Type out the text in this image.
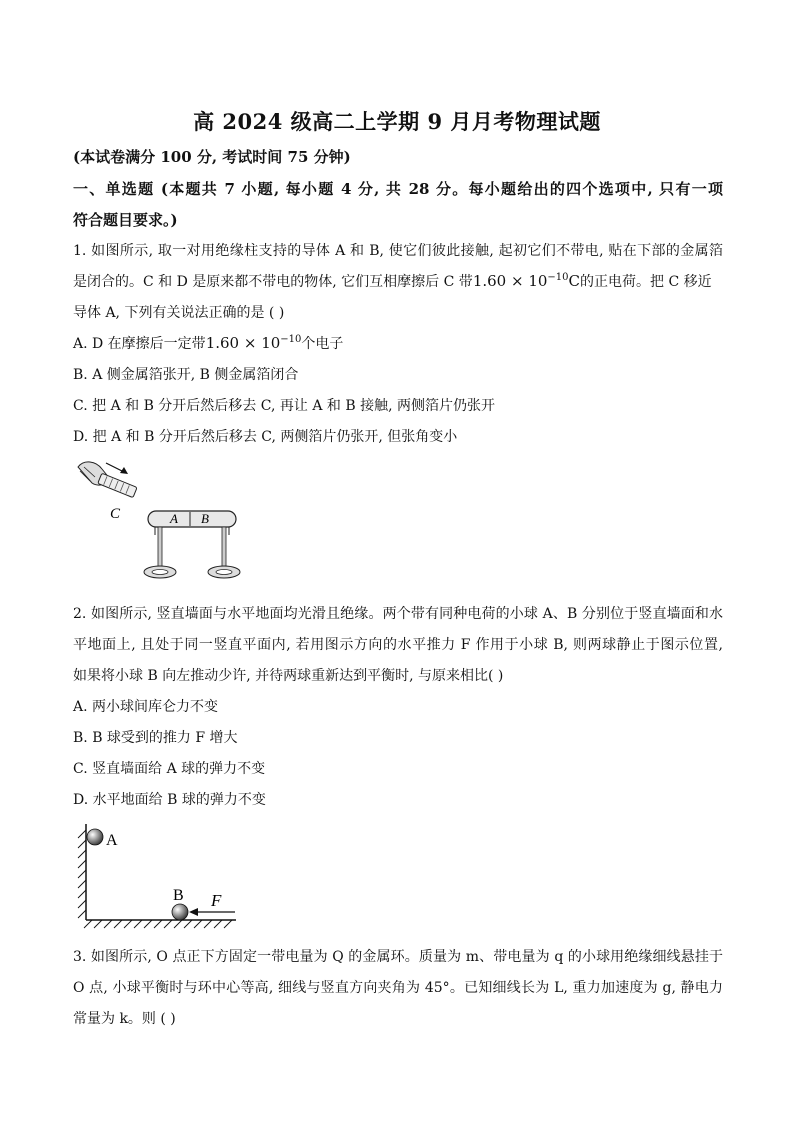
高 2024 级高二上学期 9 月月考物理试题
(本试卷满分 100 分, 考试时间 75 分钟)
一、单选题 (本题共 7 小题, 每小题 4 分, 共 28 分。每小题给出的四个选项中, 只有一项
符合题目要求。)
1. 如图所示, 取一对用绝缘柱支持的导体 A 和 B, 使它们彼此接触, 起初它们不带电, 贴在下部的金属箔
是闭合的。C 和 D 是原来都不带电的物体, 它们互相摩擦后 C 带$1.60 \times 10^{-10}C$的正电荷。把 C 移近
导体 A, 下列有关说法正确的是 ( )
A. D 在摩擦后一定带$1.60 \times 10^{-10}$个电子
B. A 侧金属箔张开, B 侧金属箔闭合
C. 把 A 和 B 分开后然后移去 C, 再让 A 和 B 接触, 两侧箔片仍张开
D. 把 A 和 B 分开后然后移去 C, 两侧箔片仍张开, 但张角变小
C	A B
2. 如图所示, 竖直墙面与水平地面均光滑且绝缘。两个带有同种电荷的小球 A、B 分别位于竖直墙面和水
平地面上, 且处于同一竖直平面内, 若用图示方向的水平推力 F 作用于小球 B, 则两球静止于图示位置,
如果将小球 B 向左推动少许, 并待两球重新达到平衡时, 与原来相比( )
A. 两小球间库仑力不变
B. B 球受到的推力 F 增大
C. 竖直墙面给 A 球的弹力不变
D. 水平地面给 B 球的弹力不变
A
B F
3. 如图所示, O 点正下方固定一带电量为 Q 的金属环。质量为 m、带电量为 q 的小球用绝缘细线悬挂于
O 点, 小球平衡时与环中心等高, 细线与竖直方向夹角为 45°。已知细线长为 L, 重力加速度为 g, 静电力
常量为 k。则 ( )
